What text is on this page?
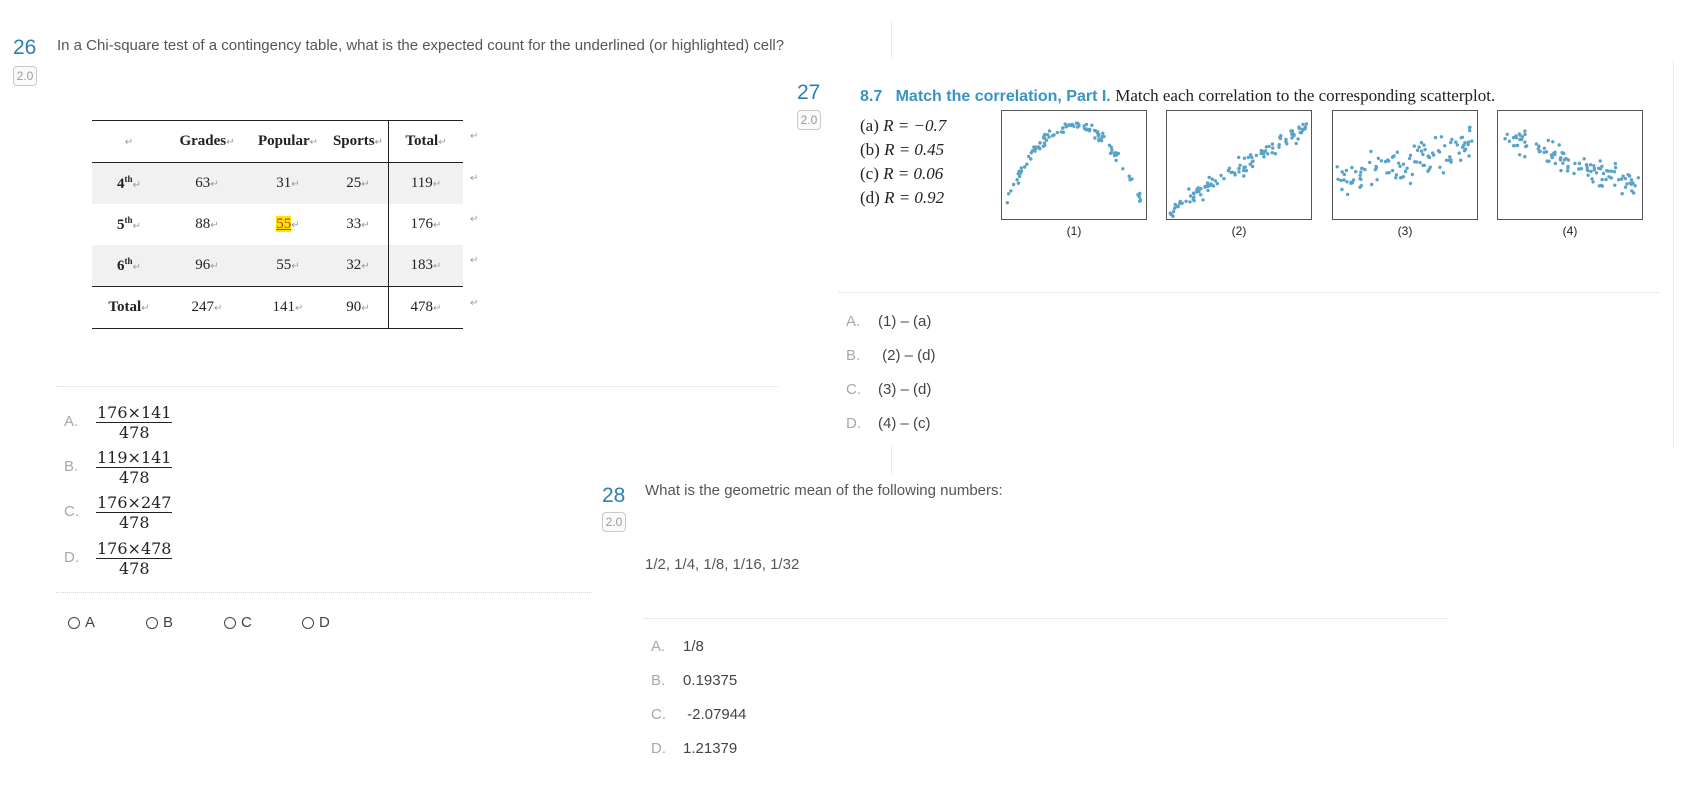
26
2.0
In a Chi-square test of a contingency table, what is the expected count for the underlined (or highlighted) cell?
↵	Grades↵	Popular↵	Sports↵	Total↵
4th↵	63↵	31↵	25↵	119↵
5th↵	88↵	55↵	33↵	176↵
6th↵	96↵	55↵	32↵	183↵
Total↵	247↵	141↵	90↵	478↵
↵
↵
↵
↵
↵
A. $\frac{176\times 141}{478}$
B. $\frac{119\times 141}{478}$
C. $\frac{176\times 247}{478}$
D. $\frac{176\times 478}{478}$
A	B	C	D
27
2.0
8.7 Match the correlation, Part I. Match each correlation to the corresponding scatterplot.
(a) R = −0.7
(b) R = 0.45
(c) R = 0.06
(d) R = 0.92
(1)	(2)	(3)	(4)
A. (1) – (a)
B. (2) – (d)
C. (3) – (d)
D. (4) – (c)
28
2.0
What is the geometric mean of the following numbers:
1/2, 1/4, 1/8, 1/16, 1/32
A. 1/8
B. 0.19375
C. -2.07944
D. 1.21379
